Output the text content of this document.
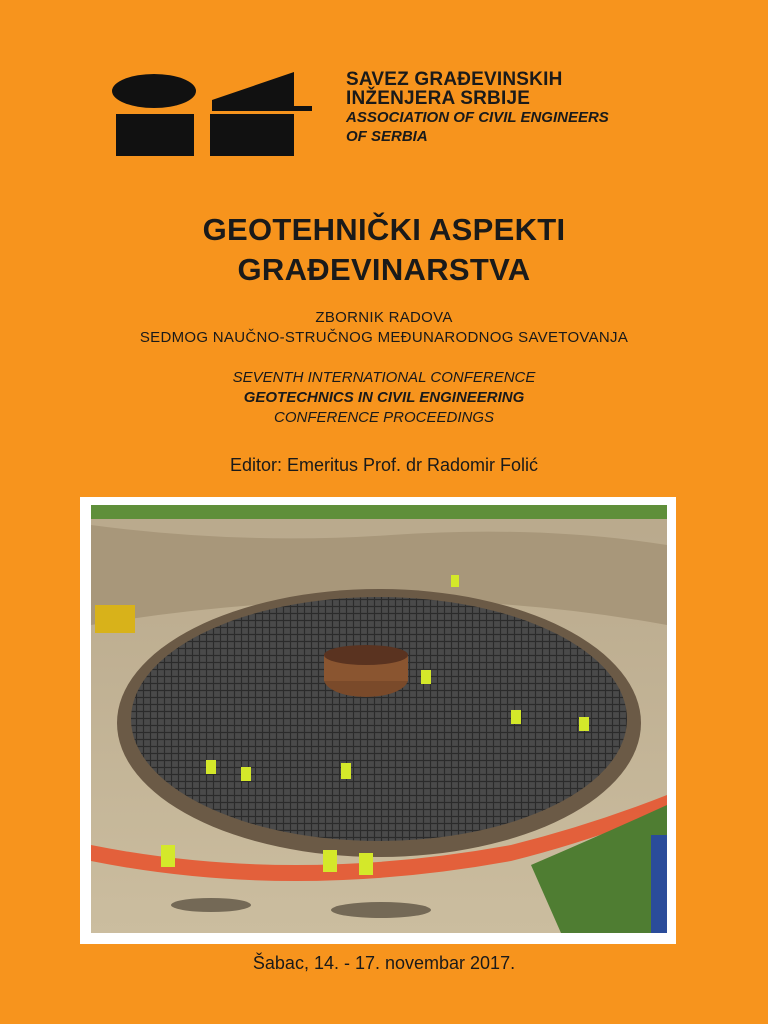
SAVEZ GRAĐEVINSKIH
INŽENJERA SRBIJE
ASSOCIATION OF CIVIL ENGINEERS
OF SERBIA
GEOTEHNIČKI ASPEKTI
GRAĐEVINARSTVA
ZBORNIK RADOVA
SEDMOG NAUČNO-STRUČNOG MEĐUNARODNOG SAVETOVANJA
SEVENTH INTERNATIONAL CONFERENCE
GEOTECHNICS IN CIVIL ENGINEERING
CONFERENCE PROCEEDINGS
Editor: Emeritus Prof. dr Radomir Folić
Šabac, 14. - 17. novembar 2017.
